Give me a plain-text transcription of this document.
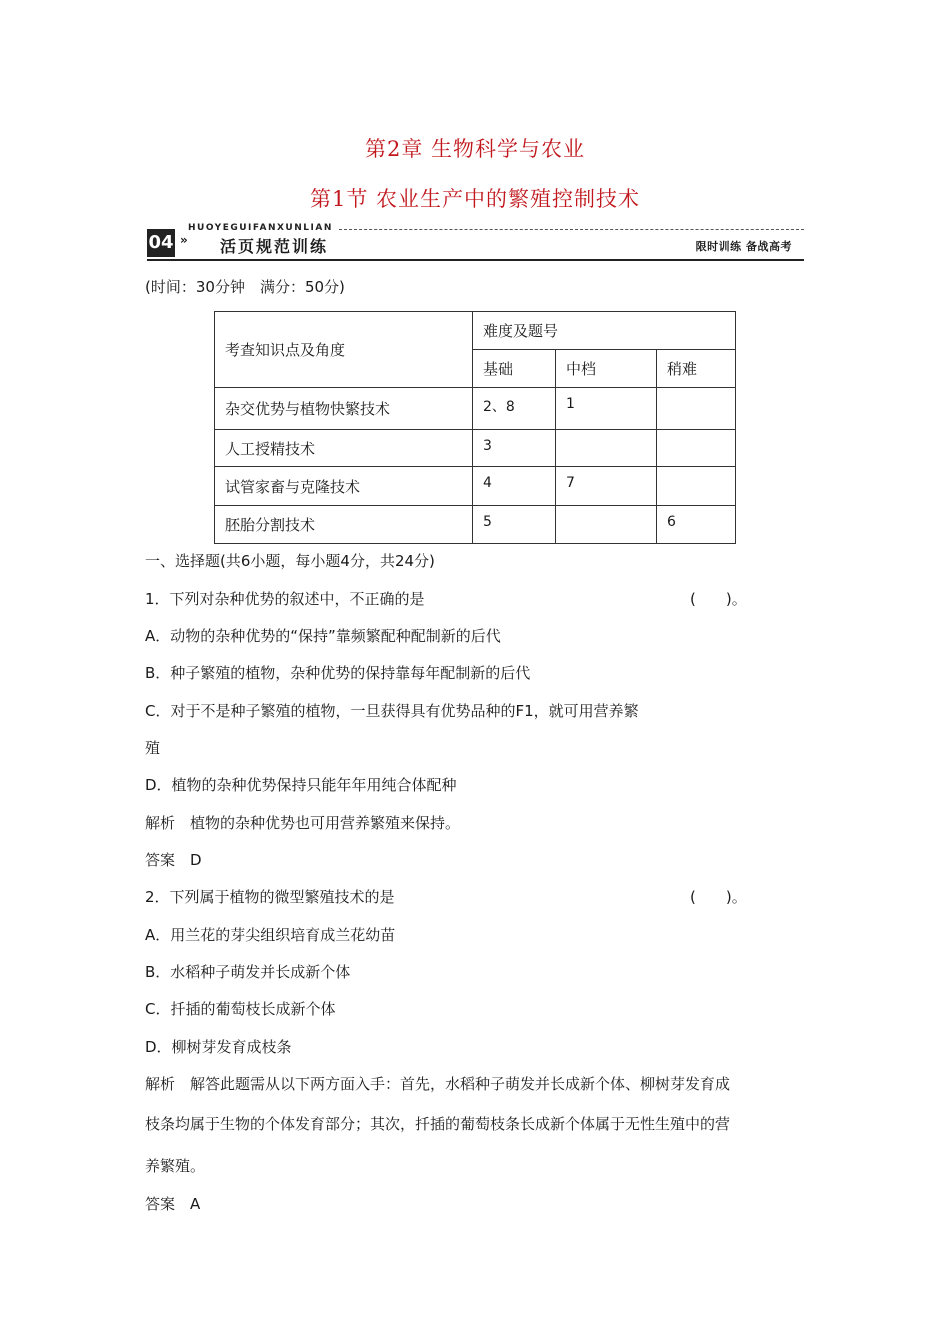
第2章 生物科学与农业
第1节 农业生产中的繁殖控制技术
HUOYEGUIFANXUNLIAN
04 » 活页规范训练	限时训练 备战高考
(时间：30分钟　满分：50分)
考查知识点及角度	难度及题号		
	基础	中档	稍难
杂交优势与植物快繁技术	2、8	1	
人工授精技术	3		
试管家畜与克隆技术	4	7	
胚胎分割技术	5		6
一、选择题(共6小题，每小题4分，共24分)
1．下列对杂种优势的叙述中，不正确的是	(　　)。
A．动物的杂种优势的“保持”靠频繁配种配制新的后代
B．种子繁殖的植物，杂种优势的保持靠每年配制新的后代
C．对于不是种子繁殖的植物，一旦获得具有优势品种的F1，就可用营养繁
殖
D．植物的杂种优势保持只能年年用纯合体配种
解析　植物的杂种优势也可用营养繁殖来保持。
答案　D
2．下列属于植物的微型繁殖技术的是	(　　)。
A．用兰花的芽尖组织培育成兰花幼苗
B．水稻种子萌发并长成新个体
C．扦插的葡萄枝长成新个体
D．柳树芽发育成枝条
解析　解答此题需从以下两方面入手：首先，水稻种子萌发并长成新个体、柳树芽发育成
枝条均属于生物的个体发育部分；其次，扦插的葡萄枝条长成新个体属于无性生殖中的营
养繁殖。
答案　A
